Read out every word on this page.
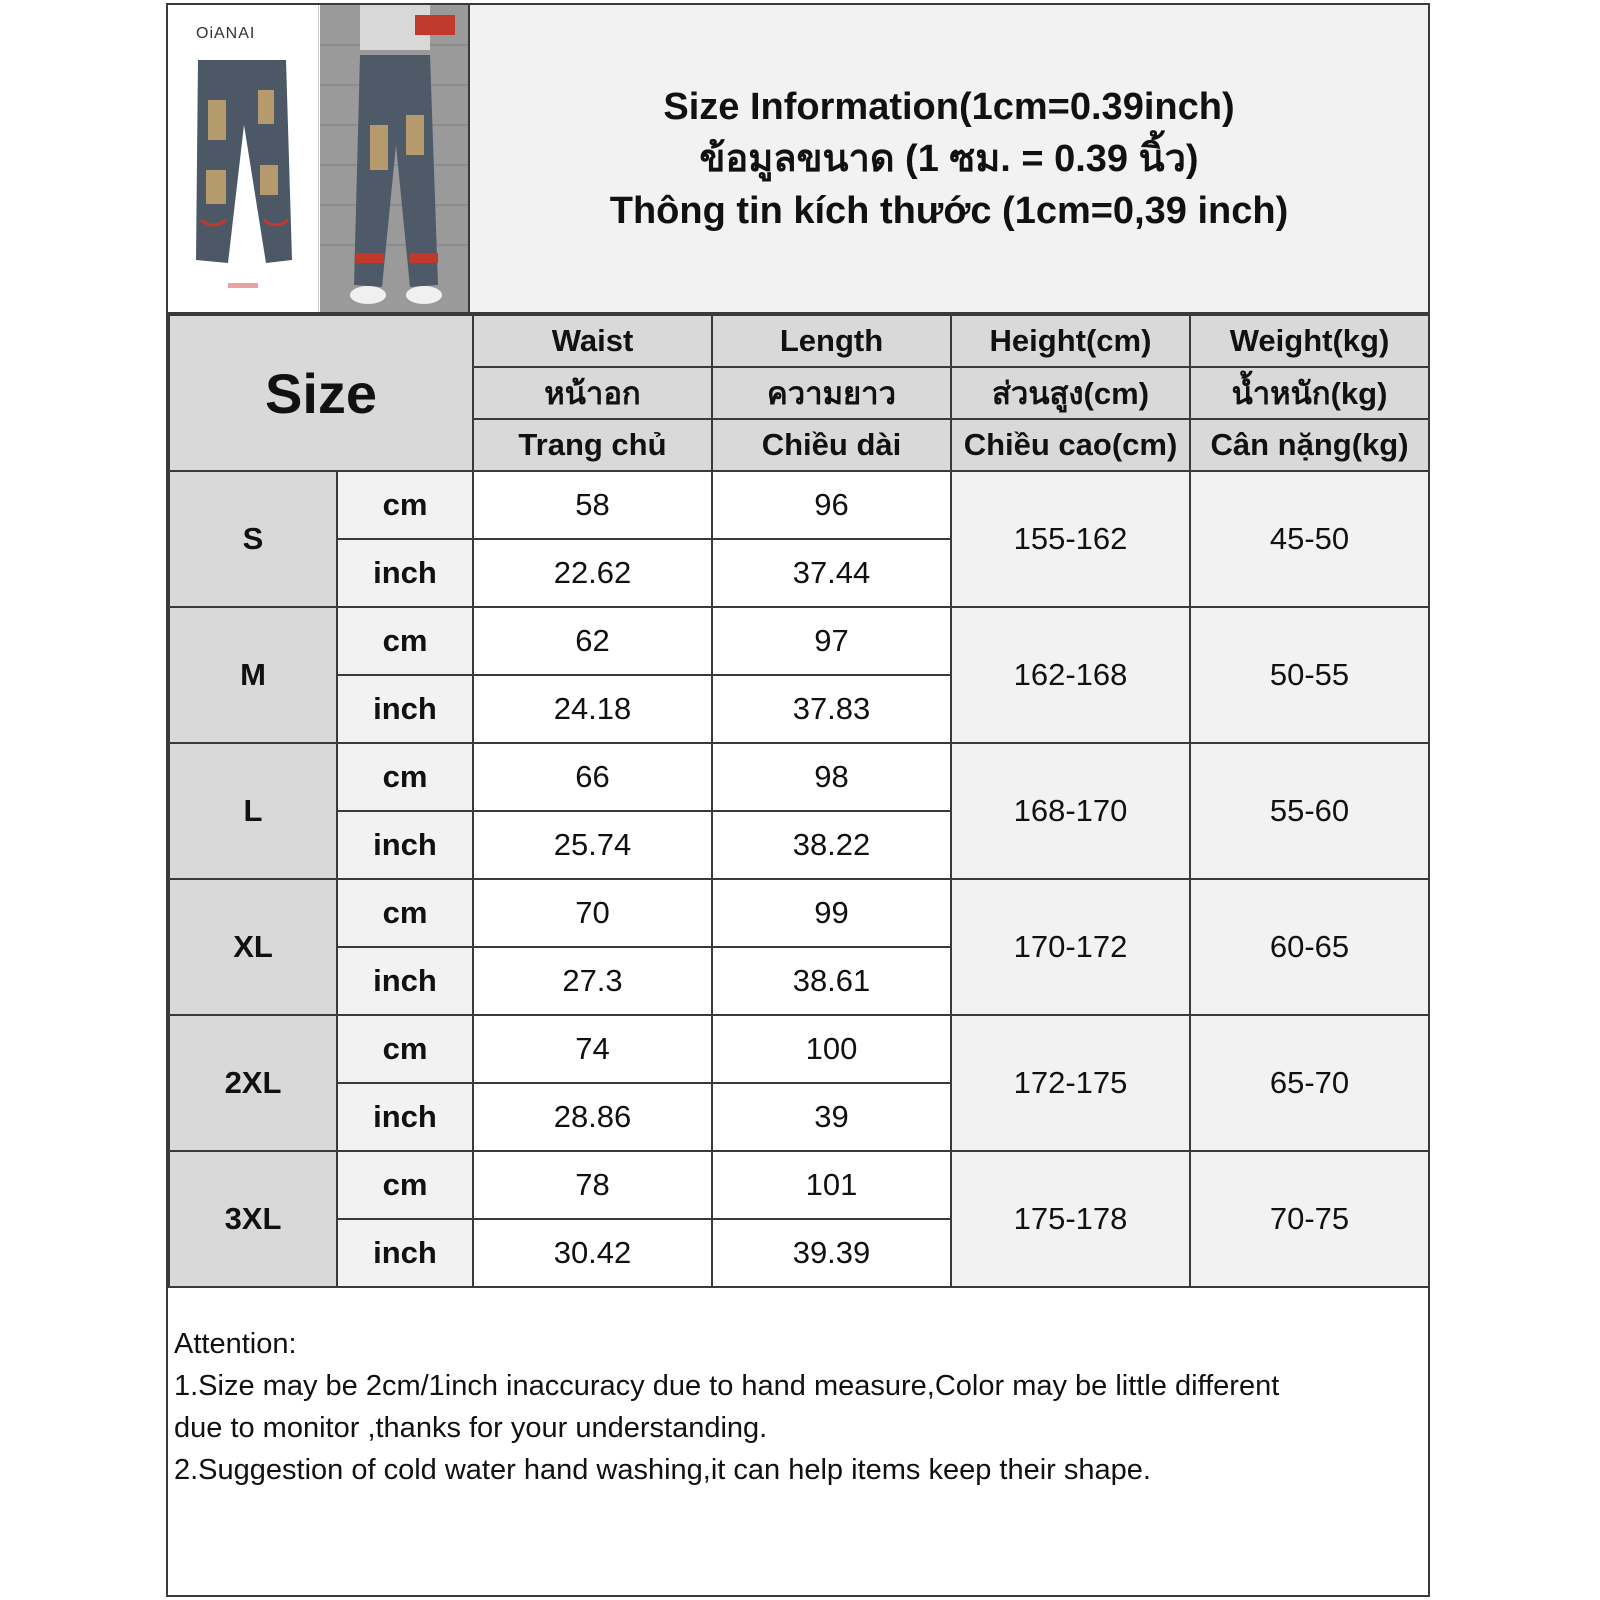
OiANAI
Size Information(1cm=0.39inch)
ข้อมูลขนาด (1 ซม. = 0.39 นิ้ว)
Thông tin kích thước (1cm=0,39 inch)
Size		Waist	Length	Height(cm)	Weight(kg)
		หน้าอก	ความยาว	ส่วนสูง(cm)	น้ำหนัก(kg)
		Trang chủ	Chiều dài	Chiều cao(cm)	Cân nặng(kg)
S	cm	58	96	155-162	45-50
	inch	22.62	37.44		
M	cm	62	97	162-168	50-55
	inch	24.18	37.83		
L	cm	66	98	168-170	55-60
	inch	25.74	38.22		
XL	cm	70	99	170-172	60-65
	inch	27.3	38.61		
2XL	cm	74	100	172-175	65-70
	inch	28.86	39		
3XL	cm	78	101	175-178	70-75
	inch	30.42	39.39		

Attention:

1.Size may be 2cm/1inch inaccuracy due to hand measure,Color may be little different

due to monitor ,thanks for your understanding.

2.Suggestion of cold water hand washing,it can help items keep their shape.
